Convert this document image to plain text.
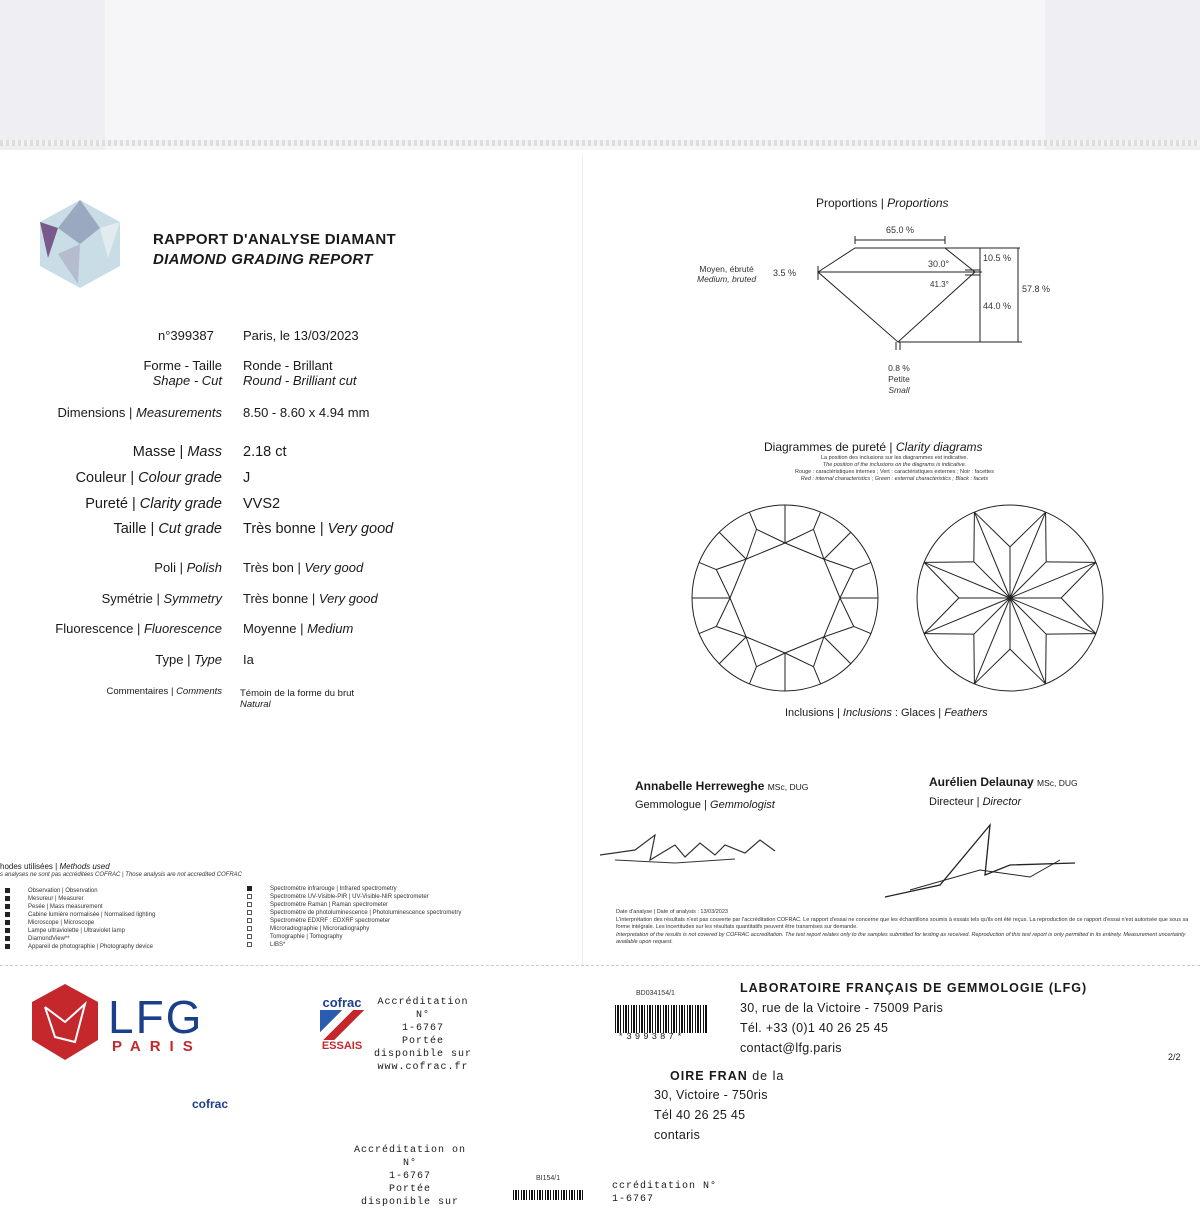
RAPPORT D'ANALYSE DIAMANT
DIAMOND GRADING REPORT
n°399387 Paris, le 13/03/2023
Forme - Taille
Shape - Cut
Ronde - Brillant
Round - Brilliant cut
Dimensions | Measurements 8.50 - 8.60 x 4.94 mm
Masse | Mass 2.18 ct
Couleur | Colour grade J
Pureté | Clarity grade VVS2
Taille | Cut grade Très bonne | Very good
Poli | Polish Très bon | Very good
Symétrie | Symmetry Très bonne | Very good
Fluorescence | Fluorescence Moyenne | Medium
Type | Type Ia
Commentaires | Comments Témoin de la forme du brut
Natural
Proportions | Proportions
65.0 %
30.0°
41.3°
10.5 %
44.0 %
57.8 %
Moyen, ébruté
Medium, bruted
3.5 %
0.8 %
Petite
Small
Diagrammes de pureté | Clarity diagrams
La position des inclusions sur les diagrammes est indicative.
The position of the inclusions on the diagrams is indicative.
Rouge : caractéristiques internes ; Vert : caractéristiques externes ; Noir : facettes
Red : internal characteristics ; Green : external characteristics ; Black : facets
Inclusions | Inclusions : Glaces | Feathers
Annabelle Herreweghe MSc, DUG
Gemmologue | Gemmologist
Aurélien Delaunay MSc, DUG
Directeur | Director
hodes utilisées | Methods used
s analyses ne sont pas accréditées COFRAC | Those analysis are not accredited COFRAC
Observation | Observation
Mesureur | Measurer
Pesée | Mass measurement
Cabine lumière normalisée | Normalised lighting
Microscope | Microscope
Lampe ultraviolette | Ultraviolet lamp
DiamondView**
Appareil de photographie | Photography device
Spectromètre infrarouge | Infrared spectrometry
Spectromètre UV-Visible-PIR | UV-Visible-NIR spectrometer
Spectromètre Raman | Raman spectrometer
Spectromètre de photoluminescence | Photoluminescence spectrometry
Spectromètre EDXRF : EDXRF spectrometer
Microradiographie | Microradiography
Tomographie | Tomography
LIBS*
Date d'analyse | Date of analysis : 13/03/2023
L'interprétation des résultats n'est pas couverte par l'accréditation COFRAC. Le rapport d'essai ne concerne que les échantillons soumis à essais tels qu'ils ont été reçus. La reproduction de ce rapport d'essai n'est autorisée que sous sa forme intégrale. Les incertitudes sur les résultats quantitatifs peuvent être transmises sur demande.
Interpretation of the results is not covered by COFRAC accreditation. The test report relates only to the samples submitted for testing as received. Reproduction of this test report is only permitted in its entirety. Measurement uncertainty available upon request.
LFG
PARIS
cofrac
ESSAIS
Accréditation N°
1-6767
Portée
disponible sur
www.cofrac.fr
BD034154/1
*399387*
LABORATOIRE FRANÇAIS DE GEMMOLOGIE (LFG)
30, rue de la Victoire - 75009 Paris
Tél. +33 (0)1 40 26 25 45
contact@lfg.paris
2/2
OIRE FRAN de la
30, Victoire - 750ris
Tél 40 26 25 45
contaris
cofrac
Accréditation on N°
1-6767
Portée
disponible sur
BI154/1
ccréditation N°
1-6767
